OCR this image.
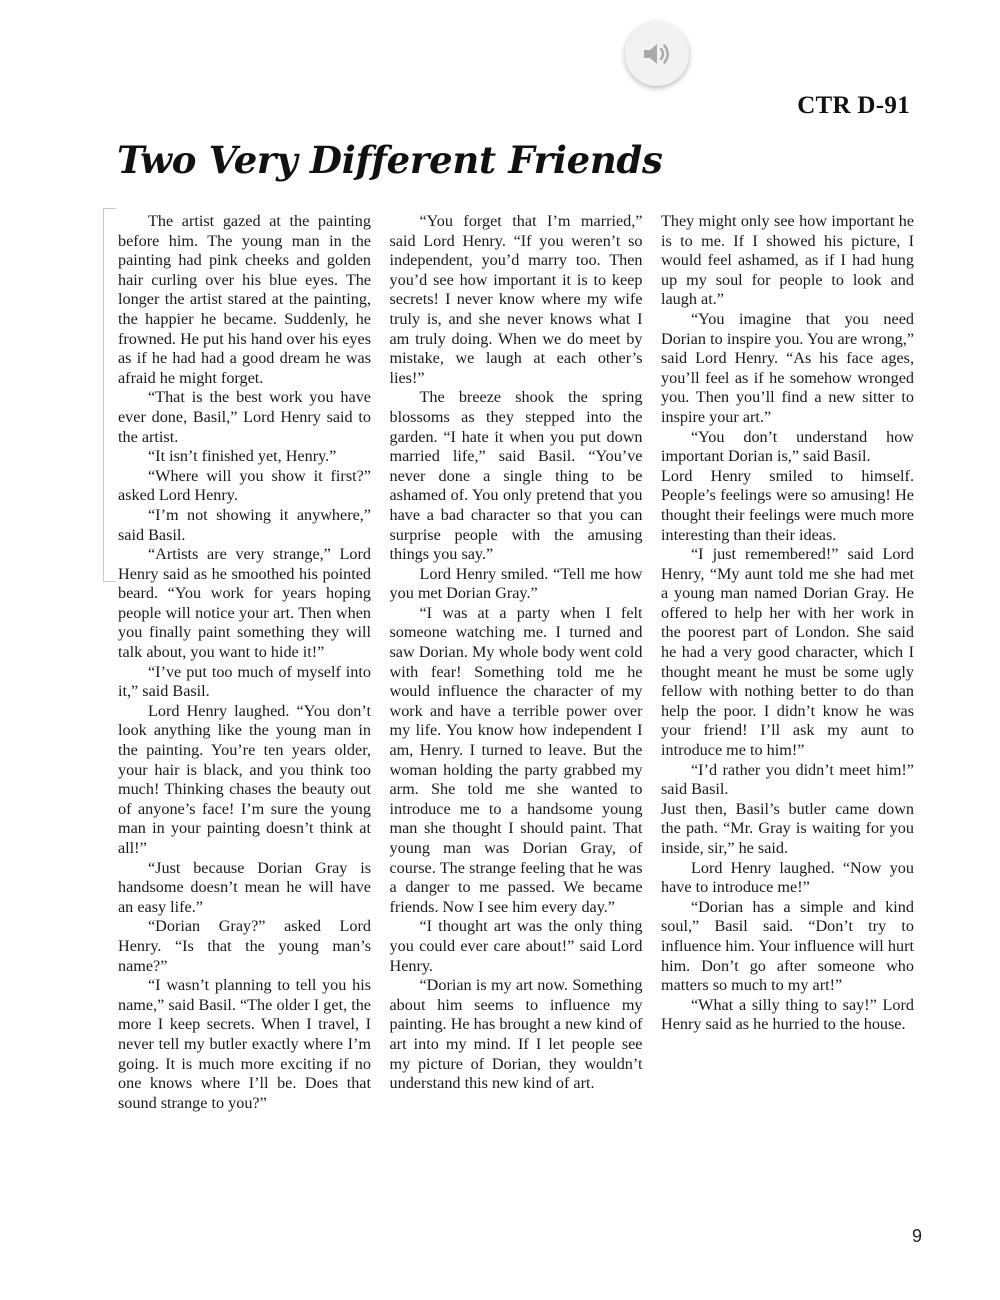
CTR D-91
Two Very Different Friends

The artist gazed at the painting before him. The young man in the painting had pink cheeks and golden hair curling over his blue eyes. The longer the artist stared at the painting, the happier he became. Suddenly, he frowned. He put his hand over his eyes as if he had had a good dream he was afraid he might forget.

“That is the best work you have ever done, Basil,” Lord Henry said to the artist.

“It isn’t finished yet, Henry.”

“Where will you show it first?” asked Lord Henry.

“I’m not showing it anywhere,” said Basil.

“Artists are very strange,” Lord Henry said as he smoothed his pointed beard. “You work for years hoping people will notice your art. Then when you finally paint something they will talk about, you want to hide it!”

“I’ve put too much of myself into it,” said Basil.

Lord Henry laughed. “You don’t look anything like the young man in the painting. You’re ten years older, your hair is black, and you think too much! Thinking chases the beauty out of anyone’s face! I’m sure the young man in your painting doesn’t think at all!”

“Just because Dorian Gray is handsome doesn’t mean he will have an easy life.”

“Dorian Gray?” asked Lord Henry. “Is that the young man’s name?”

“I wasn’t planning to tell you his name,” said Basil. “The older I get, the more I keep secrets. When I travel, I never tell my butler exactly where I’m going. It is much more exciting if no one knows where I’ll be. Does that sound strange to you?”

“You forget that I’m married,” said Lord Henry. “If you weren’t so independent, you’d marry too. Then you’d see how important it is to keep secrets! I never know where my wife truly is, and she never knows what I am truly doing. When we do meet by mistake, we laugh at each other’s lies!”

The breeze shook the spring blossoms as they stepped into the garden. “I hate it when you put down married life,” said Basil. “You’ve never done a single thing to be ashamed of. You only pretend that you have a bad character so that you can surprise people with the amusing things you say.”

Lord Henry smiled. “Tell me how you met Dorian Gray.”

“I was at a party when I felt someone watching me. I turned and saw Dorian. My whole body went cold with fear! Something told me he would influence the character of my work and have a terrible power over my life. You know how independent I am, Henry. I turned to leave. But the woman holding the party grabbed my arm. She told me she wanted to introduce me to a handsome young man she thought I should paint. That young man was Dorian Gray, of course. The strange feeling that he was a danger to me passed. We became friends. Now I see him every day.”

“I thought art was the only thing you could ever care about!” said Lord Henry.

“Dorian is my art now. Something about him seems to influence my painting. He has brought a new kind of art into my mind. If I let people see my picture of Dorian, they wouldn’t understand this new kind of art.

They might only see how important he is to me. If I showed his picture, I would feel ashamed, as if I had hung up my soul for people to look and laugh at.”

“You imagine that you need Dorian to inspire you. You are wrong,” said Lord Henry. “As his face ages, you’ll feel as if he somehow wronged you. Then you’ll find a new sitter to inspire your art.”

“You don’t understand how important Dorian is,” said Basil.

Lord Henry smiled to himself. People’s feelings were so amusing! He thought their feelings were much more interesting than their ideas.

“I just remembered!” said Lord Henry, “My aunt told me she had met a young man named Dorian Gray. He offered to help her with her work in the poorest part of London. She said he had a very good character, which I thought meant he must be some ugly fellow with nothing better to do than help the poor. I didn’t know he was your friend! I’ll ask my aunt to introduce me to him!”

“I’d rather you didn’t meet him!” said Basil.

Just then, Basil’s butler came down the path. “Mr. Gray is waiting for you inside, sir,” he said.

Lord Henry laughed. “Now you have to introduce me!”

“Dorian has a simple and kind soul,” Basil said. “Don’t try to influence him. Your influence will hurt him. Don’t go after someone who matters so much to my art!”

“What a silly thing to say!” Lord Henry said as he hurried to the house.

9
